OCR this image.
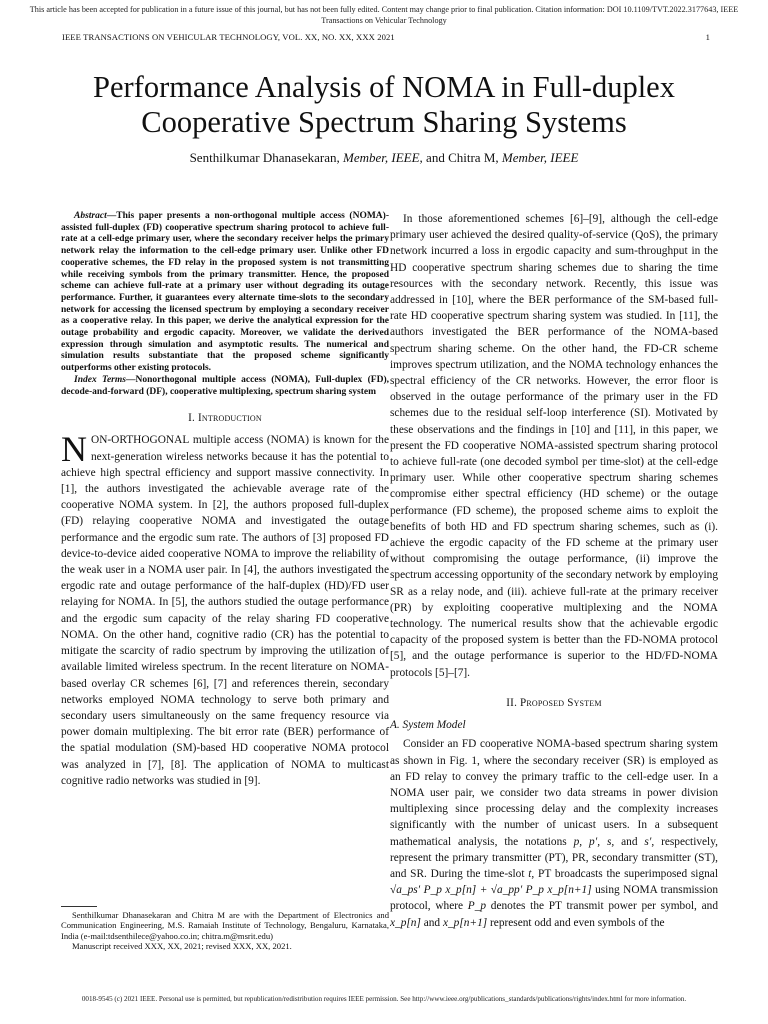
This article has been accepted for publication in a future issue of this journal, but has not been fully edited. Content may change prior to final publication. Citation information: DOI 10.1109/TVT.2022.3177643, IEEE Transactions on Vehicular Technology
IEEE TRANSACTIONS ON VEHICULAR TECHNOLOGY, VOL. XX, NO. XX, XXX 2021	1
Performance Analysis of NOMA in Full-duplex Cooperative Spectrum Sharing Systems
Senthilkumar Dhanasekaran, Member, IEEE, and Chitra M, Member, IEEE

Abstract—This paper presents a non-orthogonal multiple access (NOMA)-assisted full-duplex (FD) cooperative spectrum sharing protocol to achieve full-rate at a cell-edge primary user, where the secondary receiver helps the primary network relay the information to the cell-edge primary user. Unlike other FD cooperative schemes, the FD relay in the proposed system is not transmitting while receiving symbols from the primary transmitter. Hence, the proposed scheme can achieve full-rate at a primary user without degrading its outage performance. Further, it guarantees every alternate time-slots to the secondary network for accessing the licensed spectrum by employing a secondary receiver as a cooperative relay. In this paper, we derive the analytical expression for the outage probability and ergodic capacity. Moreover, we validate the derived expression through simulation and asymptotic results. The numerical and simulation results substantiate that the proposed scheme significantly outperforms other existing protocols.

Index Terms—Nonorthogonal multiple access (NOMA), Full-duplex (FD), decode-and-forward (DF), cooperative multiplexing, spectrum sharing system

I. Introduction

NON-ORTHOGONAL multiple access (NOMA) is known for the next-generation wireless networks because it has the potential to achieve high spectral efficiency and support massive connectivity. In [1], the authors investigated the achievable average rate of the cooperative NOMA system. In [2], the authors proposed full-duplex (FD) relaying cooperative NOMA and investigated the outage performance and the ergodic sum rate. The authors of [3] proposed FD device-to-device aided cooperative NOMA to improve the reliability of the weak user in a NOMA user pair. In [4], the authors investigated the ergodic rate and outage performance of the half-duplex (HD)/FD user relaying for NOMA. In [5], the authors studied the outage performance and the ergodic sum capacity of the relay sharing FD cooperative NOMA. On the other hand, cognitive radio (CR) has the potential to mitigate the scarcity of radio spectrum by improving the utilization of available limited wireless spectrum. In the recent literature on NOMA-based overlay CR schemes [6], [7] and references therein, secondary networks employed NOMA technology to serve both primary and secondary users simultaneously on the same frequency resource via power domain multiplexing. The bit error rate (BER) performance of the spatial modulation (SM)-based HD cooperative NOMA protocol was analyzed in [7], [8]. The application of NOMA to multicast cognitive radio networks was studied in [9].

Senthilkumar Dhanasekaran and Chitra M are with the Department of Electronics and Communication Engineering, M.S. Ramaiah Institute of Technology, Bengaluru, Karnataka, India (e-mail:tdsenthilece@yahoo.co.in; chitra.m@msrit.edu)

Manuscript received XXX, XX, 2021; revised XXX, XX, 2021.

In those aforementioned schemes [6]–[9], although the cell-edge primary user achieved the desired quality-of-service (QoS), the primary network incurred a loss in ergodic capacity and sum-throughput in the HD cooperative spectrum sharing schemes due to sharing the time resources with the secondary network. Recently, this issue was addressed in [10], where the BER performance of the SM-based full-rate HD cooperative spectrum sharing system was studied. In [11], the authors investigated the BER performance of the NOMA-based spectrum sharing scheme. On the other hand, the FD-CR scheme improves spectrum utilization, and the NOMA technology enhances the spectral efficiency of the CR networks. However, the error floor is observed in the outage performance of the primary user in the FD schemes due to the residual self-loop interference (SI). Motivated by these observations and the findings in [10] and [11], in this paper, we present the FD cooperative NOMA-assisted spectrum sharing protocol to achieve full-rate (one decoded symbol per time-slot) at the cell-edge primary user. While other cooperative spectrum sharing schemes compromise either spectral efficiency (HD scheme) or the outage performance (FD scheme), the proposed scheme aims to exploit the benefits of both HD and FD spectrum sharing schemes, such as (i). achieve the ergodic capacity of the FD scheme at the primary user without compromising the outage performance, (ii) improve the spectrum accessing opportunity of the secondary network by employing SR as a relay node, and (iii). achieve full-rate at the primary receiver (PR) by exploiting cooperative multiplexing and the NOMA technology. The numerical results show that the achievable ergodic capacity of the proposed system is better than the FD-NOMA protocol [5], and the outage performance is superior to the HD/FD-NOMA protocols [5]–[7].

II. Proposed System
A. System Model

Consider an FD cooperative NOMA-based spectrum sharing system as shown in Fig. 1, where the secondary receiver (SR) is employed as an FD relay to convey the primary traffic to the cell-edge user. In a NOMA user pair, we consider two data streams in power division multiplexing since processing delay and the complexity increases significantly with the number of unicast users. In a subsequent mathematical analysis, the notations p, p′, s, and s′, respectively, represent the primary transmitter (PT), PR, secondary transmitter (ST), and SR. During the time-slot t, PT broadcasts the superimposed signal √a_ps′ P_p x_p[n] + √a_pp′ P_p x_p[n+1] using NOMA transmission protocol, where P_p denotes the PT transmit power per symbol, and x_p[n] and x_p[n+1] represent odd and even symbols of the

0018-9545 (c) 2021 IEEE. Personal use is permitted, but republication/redistribution requires IEEE permission. See http://www.ieee.org/publications_standards/publications/rights/index.html for more information.
